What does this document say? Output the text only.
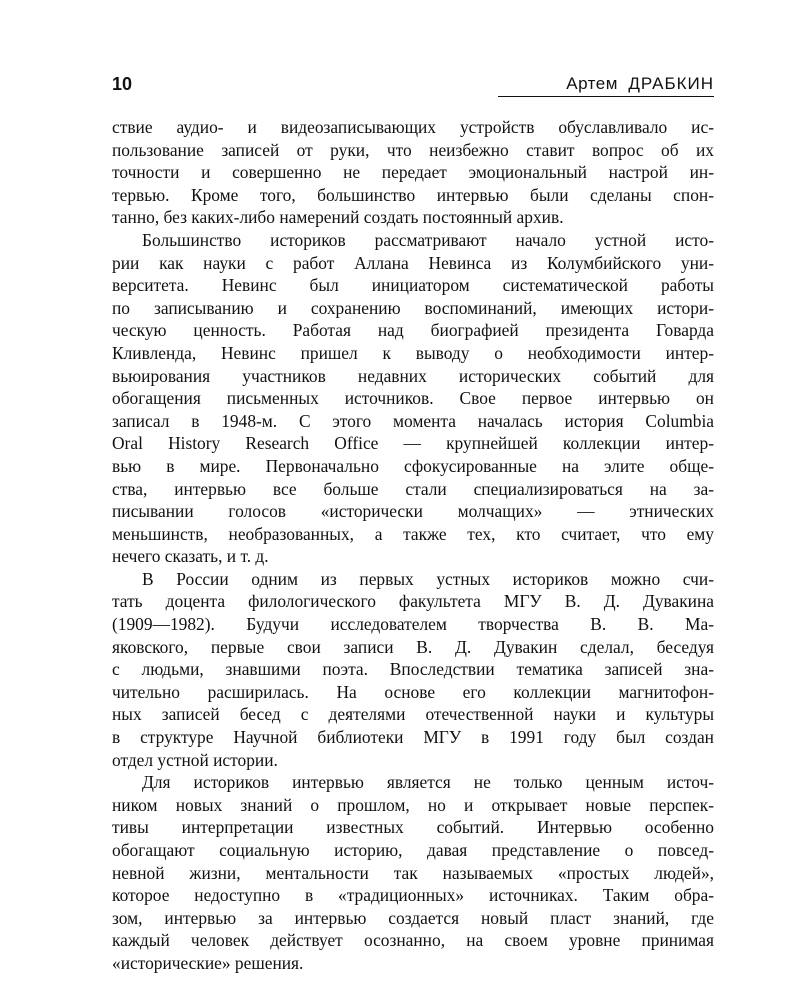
10	Артем ДРАБКИН

ствие аудио- и видеозаписывающих устройств обуславливало ис-
пользование записей от руки, что неизбежно ставит вопрос об их
точности и совершенно не передает эмоциональный настрой ин-
тервью. Кроме того, большинство интервью были сделаны спон-
танно, без каких-либо намерений создать постоянный архив.

Большинство историков рассматривают начало устной исто-
рии как науки с работ Аллана Невинса из Колумбийского уни-
верситета. Невинс был инициатором систематической работы
по записыванию и сохранению воспоминаний, имеющих истори-
ческую ценность. Работая над биографией президента Говарда
Кливленда, Невинс пришел к выводу о необходимости интер-
вьюирования участников недавних исторических событий для
обогащения письменных источников. Свое первое интервью он
записал в 1948-м. С этого момента началась история Columbia
Oral History Research Office — крупнейшей коллекции интер-
вью в мире. Первоначально сфокусированные на элите обще-
ства, интервью все больше стали специализироваться на за-
писывании голосов «исторически молчащих» — этнических
меньшинств, необразованных, а также тех, кто считает, что ему
нечего сказать, и т. д.

В России одним из первых устных историков можно счи-
тать доцента филологического факультета МГУ В. Д. Дувакина
(1909—1982). Будучи исследователем творчества В. В. Ма-
яковского, первые свои записи В. Д. Дувакин сделал, беседуя
с людьми, знавшими поэта. Впоследствии тематика записей зна-
чительно расширилась. На основе его коллекции магнитофон-
ных записей бесед с деятелями отечественной науки и культуры
в структуре Научной библиотеки МГУ в 1991 году был создан
отдел устной истории.

Для историков интервью является не только ценным источ-
ником новых знаний о прошлом, но и открывает новые перспек-
тивы интерпретации известных событий. Интервью особенно
обогащают социальную историю, давая представление о повсед-
невной жизни, ментальности так называемых «простых людей»,
которое недоступно в «традиционных» источниках. Таким обра-
зом, интервью за интервью создается новый пласт знаний, где
каждый человек действует осознанно, на своем уровне принимая
«исторические» решения.
